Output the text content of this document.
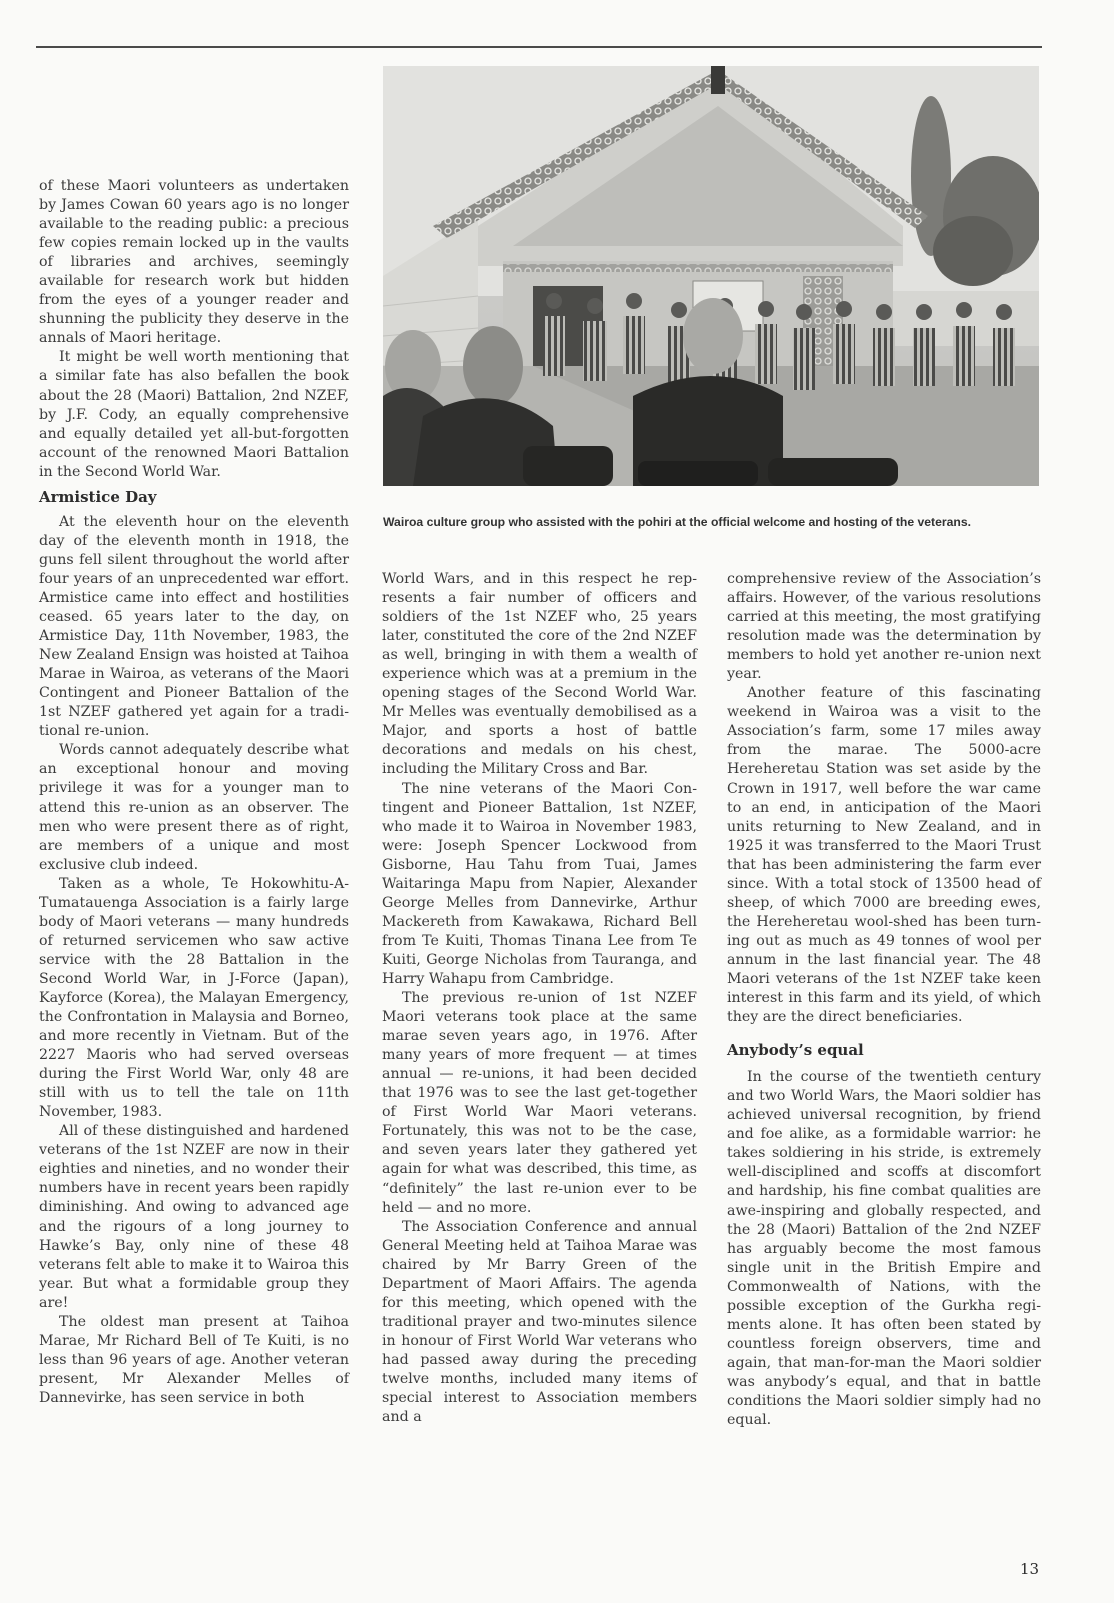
Wairoa culture group who assisted with the pohiri at the official welcome and hosting of the veterans.

of these Maori volunteers as undertaken by James Cowan 60 years ago is no longer available to the reading public: a precious few copies remain locked up in the vaults of libraries and archives, seemingly available for research work but hidden from the eyes of a younger reader and shunning the publicity they deserve in the annals of Maori heritage.

It might be well worth mentioning that a similar fate has also befallen the book about the 28 (Maori) Battalion, 2nd NZEF, by J.F. Cody, an equally comprehensive and equally detailed yet all-but-forgotten account of the renowned Maori Battalion in the Second World War.

Armistice Day

At the eleventh hour on the eleventh day of the eleventh month in 1918, the guns fell silent throughout the world after four years of an unprecedented war effort. Armistice came into effect and hostilities ceased. 65 years later to the day, on Armistice Day, 11th November, 1983, the New Zealand Ensign was hoisted at Taihoa Marae in Wairoa, as veterans of the Maori Contingent and Pioneer Battalion of the 1st NZEF gathered yet again for a traditional re-union.

Words cannot adequately describe what an exceptional honour and moving privilege it was for a younger man to attend this re-union as an observer. The men who were present there as of right, are members of a unique and most exclusive club indeed.

Taken as a whole, Te Hokowhitu-A-Tumatauenga Association is a fairly large body of Maori veterans — many hundreds of returned servicemen who saw active service with the 28 Battalion in the Second World War, in J-Force (Japan), Kayforce (Korea), the Malayan Emergency, the Confrontation in Malaysia and Borneo, and more recently in Vietnam. But of the 2227 Maoris who had served overseas during the First World War, only 48 are still with us to tell the tale on 11th November, 1983.

All of these distinguished and hardened veterans of the 1st NZEF are now in their eighties and nineties, and no wonder their numbers have in recent years been rapidly diminishing. And owing to advanced age and the rigours of a long journey to Hawke’s Bay, only nine of these 48 veterans felt able to make it to Wairoa this year. But what a formidable group they are!

The oldest man present at Taihoa Marae, Mr Richard Bell of Te Kuiti, is no less than 96 years of age. Another veteran present, Mr Alexander Melles of Dannevirke, has seen service in both

World Wars, and in this respect he represents a fair number of officers and soldiers of the 1st NZEF who, 25 years later, constituted the core of the 2nd NZEF as well, bringing in with them a wealth of experience which was at a premium in the opening stages of the Second World War. Mr Melles was eventually demobilised as a Major, and sports a host of battle decorations and medals on his chest, including the Military Cross and Bar.

The nine veterans of the Maori Contingent and Pioneer Battalion, 1st NZEF, who made it to Wairoa in November 1983, were: Joseph Spencer Lockwood from Gisborne, Hau Tahu from Tuai, James Waitaringa Mapu from Napier, Alexander George Melles from Dannevirke, Arthur Mackereth from Kawakawa, Richard Bell from Te Kuiti, Thomas Tinana Lee from Te Kuiti, George Nicholas from Tauranga, and Harry Wahapu from Cambridge.

The previous re-union of 1st NZEF Maori veterans took place at the same marae seven years ago, in 1976. After many years of more frequent — at times annual — re-unions, it had been decided that 1976 was to see the last get-together of First World War Maori veterans. Fortunately, this was not to be the case, and seven years later they gathered yet again for what was described, this time, as “definitely” the last re-union ever to be held — and no more.

The Association Conference and annual General Meeting held at Taihoa Marae was chaired by Mr Barry Green of the Department of Maori Affairs. The agenda for this meeting, which opened with the traditional prayer and two-minutes silence in honour of First World War veterans who had passed away during the preceding twelve months, included many items of special interest to Association members and a

comprehensive review of the Association’s affairs. However, of the various resolutions carried at this meeting, the most gratifying resolution made was the determination by members to hold yet another re-union next year.

Another feature of this fascinating weekend in Wairoa was a visit to the Association’s farm, some 17 miles away from the marae. The 5000-acre Hereheretau Station was set aside by the Crown in 1917, well before the war came to an end, in anticipation of the Maori units returning to New Zealand, and in 1925 it was transferred to the Maori Trust that has been administering the farm ever since. With a total stock of 13500 head of sheep, of which 7000 are breeding ewes, the Hereheretau wool-shed has been turning out as much as 49 tonnes of wool per annum in the last financial year. The 48 Maori veterans of the 1st NZEF take keen interest in this farm and its yield, of which they are the direct beneficiaries.

Anybody’s equal

In the course of the twentieth century and two World Wars, the Maori soldier has achieved universal recognition, by friend and foe alike, as a formidable warrior: he takes soldiering in his stride, is extremely well-disciplined and scoffs at discomfort and hardship, his fine combat qualities are awe-inspiring and globally respected, and the 28 (Maori) Battalion of the 2nd NZEF has arguably become the most famous single unit in the British Empire and Commonwealth of Nations, with the possible exception of the Gurkha regiments alone. It has often been stated by countless foreign observers, time and again, that man-for-man the Maori soldier was anybody’s equal, and that in battle conditions the Maori soldier simply had no equal.

13
